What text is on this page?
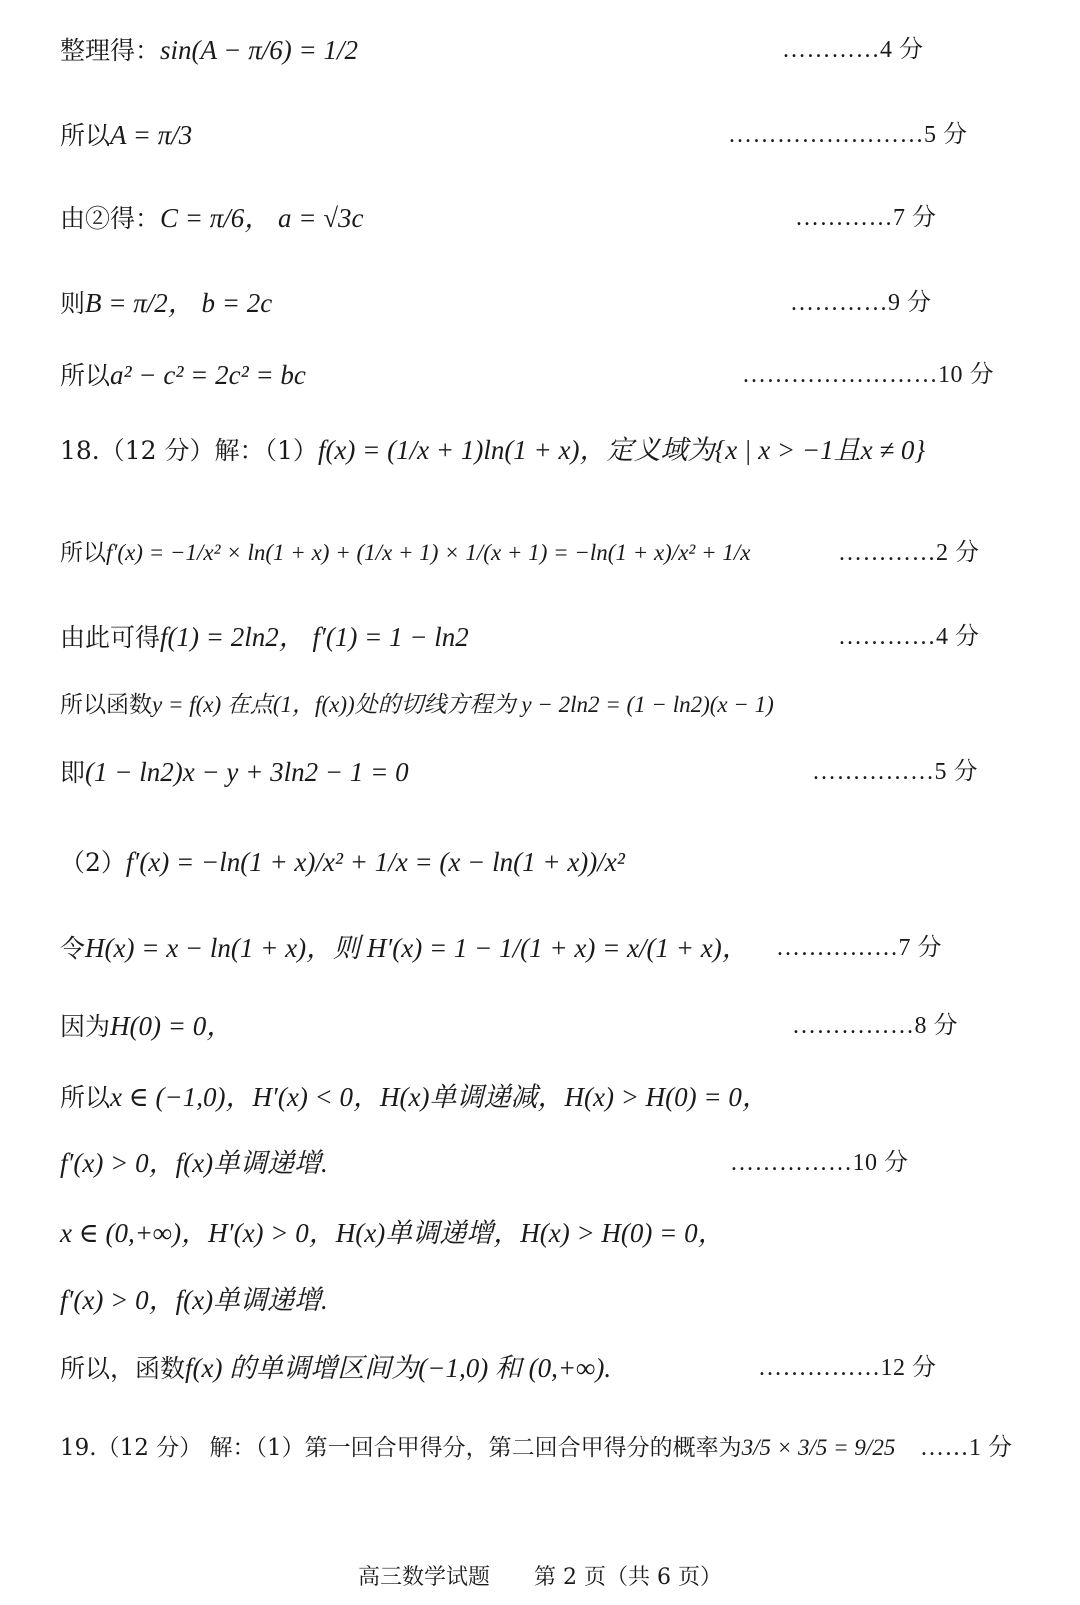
整理得：sin(A − π/6) = 1/2	…………4 分
所以A = π/3	……………………5 分
由②得：C = π/6， a = √3c	…………7 分
则B = π/2， b = 2c	…………9 分
所以a² − c² = 2c² = bc	……………………10 分
18.（12 分）解：（1）f(x) = (1/x + 1)ln(1 + x)，定义域为{x | x > −1且x ≠ 0}
所以f′(x) = −1/x² × ln(1 + x) + (1/x + 1) × 1/(x + 1) = −ln(1 + x)/x² + 1/x	…………2 分
由此可得f(1) = 2ln2， f′(1) = 1 − ln2	…………4 分
所以函数y = f(x) 在点(1，f(x))处的切线方程为 y − 2ln2 = (1 − ln2)(x − 1)
即(1 − ln2)x − y + 3ln2 − 1 = 0	……………5 分
（2）f′(x) = −ln(1 + x)/x² + 1/x = (x − ln(1 + x))/x²
令H(x) = x − ln(1 + x)，则 H′(x) = 1 − 1/(1 + x) = x/(1 + x)， ……………7 分
因为H(0) = 0，	……………8 分
所以x ∈ (−1,0)，H′(x) < 0，H(x)单调递减，H(x) > H(0) = 0，
f′(x) > 0，f(x)单调递增.	……………10 分
x ∈ (0,+∞)，H′(x) > 0，H(x)单调递增，H(x) > H(0) = 0，
f′(x) > 0，f(x)单调递增.
所以，函数f(x) 的单调增区间为(−1,0) 和 (0,+∞).	……………12 分
19.（12 分） 解：（1）第一回合甲得分，第二回合甲得分的概率为3/5 × 3/5 = 9/25 ……1 分
高三数学试题　　第 2 页（共 6 页）
